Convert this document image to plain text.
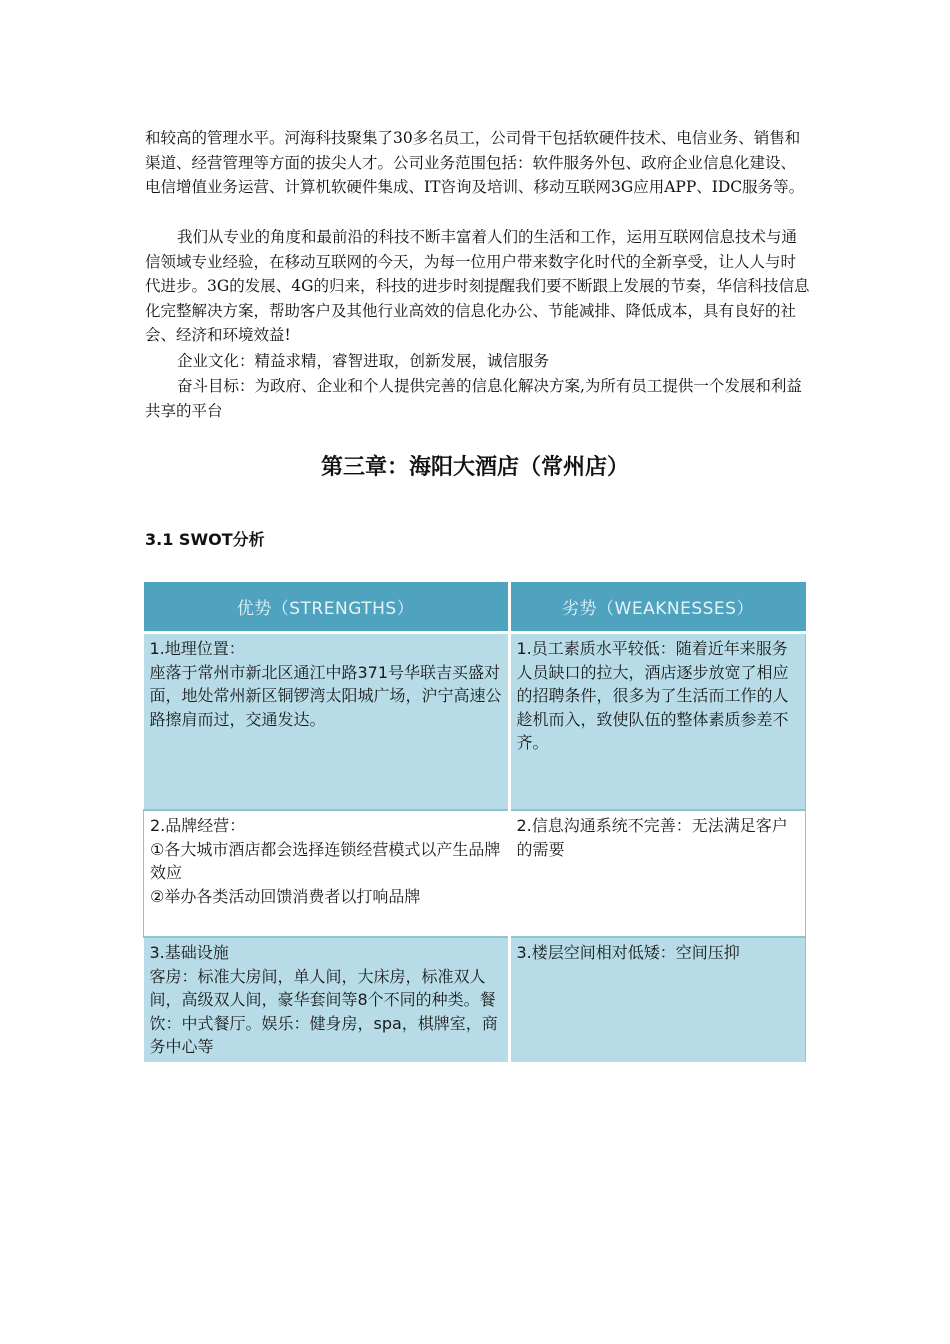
和较高的管理水平。河海科技聚集了30多名员工，公司骨干包括软硬件技术、电信业务、销售和渠道、经营管理等方面的拔尖人才。公司业务范围包括：软件服务外包、政府企业信息化建设、电信增值业务运营、计算机软硬件集成、IT咨询及培训、移动互联网3G应用APP、IDC服务等。

我们从专业的角度和最前沿的科技不断丰富着人们的生活和工作，运用互联网信息技术与通信领域专业经验，在移动互联网的今天，为每一位用户带来数字化时代的全新享受，让人人与时代进步。3G的发展、4G的归来，科技的进步时刻提醒我们要不断跟上发展的节奏，华信科技信息化完整解决方案，帮助客户及其他行业高效的信息化办公、节能减排、降低成本，具有良好的社会、经济和环境效益!

企业文化：精益求精，睿智进取，创新发展，诚信服务

奋斗目标：为政府、企业和个人提供完善的信息化解决方案,为所有员工提供一个发展和利益共享的平台

第三章：海阳大酒店（常州店）
3.1 SWOT分析
优势（STRENGTHS）	劣势（WEAKNESSES）

1.地理位置：
座落于常州市新北区通江中路371号华联吉买盛对面，地处常州新区铜锣湾太阳城广场，沪宁高速公路擦肩而过，交通发达。	1.员工素质水平较低：随着近年来服务人员缺口的拉大，酒店逐步放宽了相应的招聘条件，很多为了生活而工作的人趁机而入，致使队伍的整体素质参差不齐。

2.品牌经营：
①各大城市酒店都会选择连锁经营模式以产生品牌效应
②举办各类活动回馈消费者以打响品牌	2.信息沟通系统不完善：无法满足客户的需要

3.基础设施
客房：标准大房间，单人间，大床房，标准双人间，高级双人间，豪华套间等8个不同的种类。餐饮：中式餐厅。娱乐：健身房，spa，棋牌室，商务中心等	3.楼层空间相对低矮：空间压抑
